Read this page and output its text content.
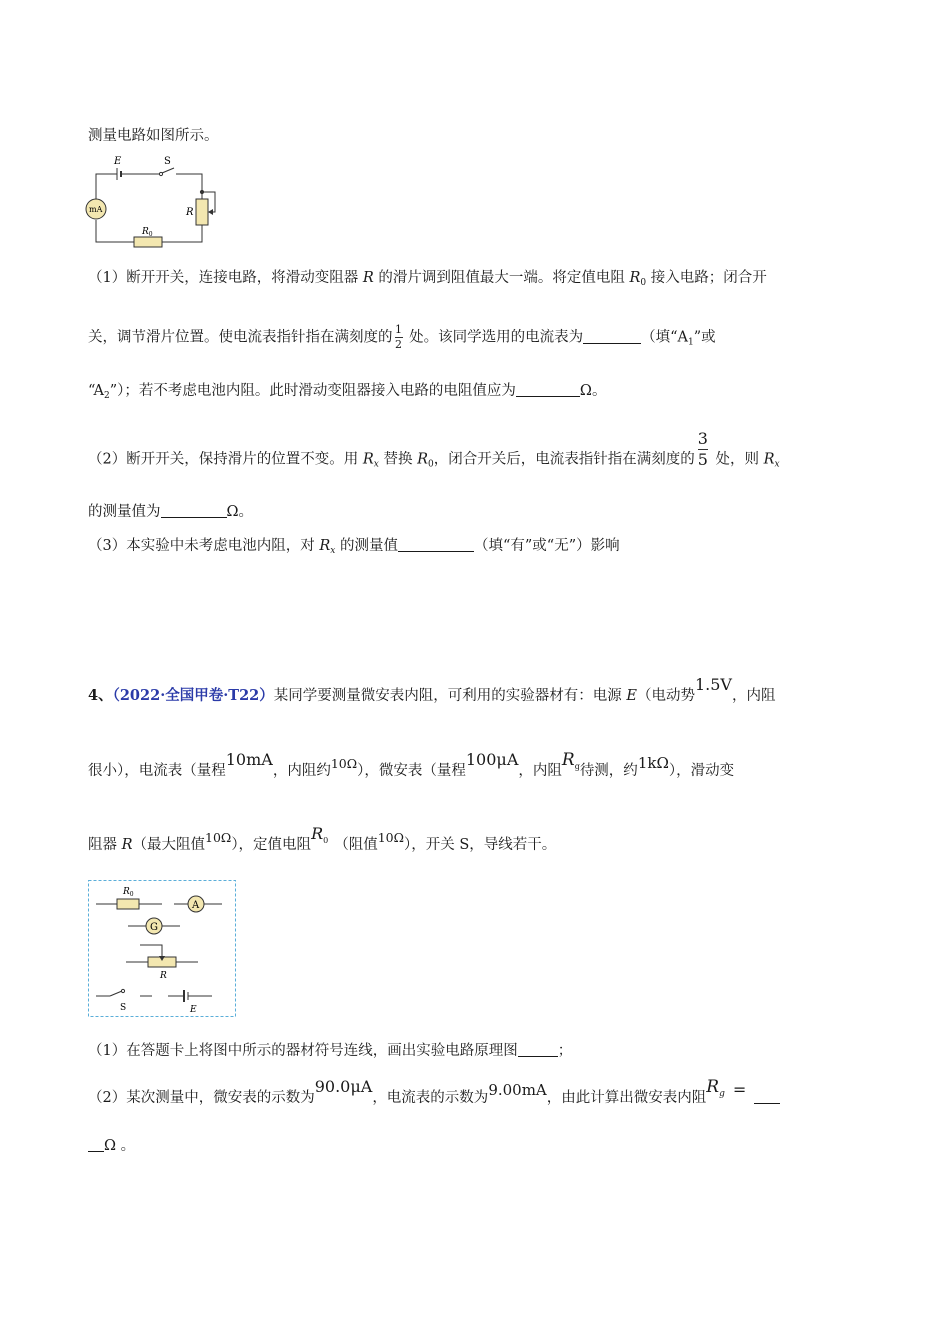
测量电路如图所示。
E	S
R
$R_0$
mA
（1）断开开关，连接电路，将滑动变阻器 R 的滑片调到阻值最大一端。将定值电阻 $R_0$ 接入电路；闭合开
关，调节滑片位置。使电流表指针指在满刻度的 $\frac{1}{2}$ 处。该同学选用的电流表为	（填“$A_1$”或
“$A_2$”）；若不考虑电池内阻。此时滑动变阻器接入电路的电阻值应为	Ω。
（2）断开开关，保持滑片的位置不变。用 $R_x$ 替换 $R_0$，闭合开关后，电流表指针指在满刻度的 $\frac{3}{5}$ 处，则 $R_x$
的测量值为	Ω。
（3）本实验中未考虑电池内阻，对 $R_x$ 的测量值	（填“有”或“无”）影响
4、（2022·全国甲卷·T22）某同学要测量微安表内阻，可利用的实验器材有：电源 E（电动势1.5V，内阻
很小），电流表（量程10mA，内阻约10Ω），微安表（量程100μA，内阻$R^g$待测，约1kΩ），滑动变
阻器 R（最大阻值10Ω），定值电阻$R^0$ （阻值10Ω），开关 S，导线若干。
$R_0$
A
G
R
S	E
（1）在答题卡上将图中所示的器材符号连线，画出实验电路原理图	；
（2）某次测量中，微安表的示数为90.0μA，电流表的示数为9.00mA，由此计算出微安表内阻$R^g$ =
Ω 。
